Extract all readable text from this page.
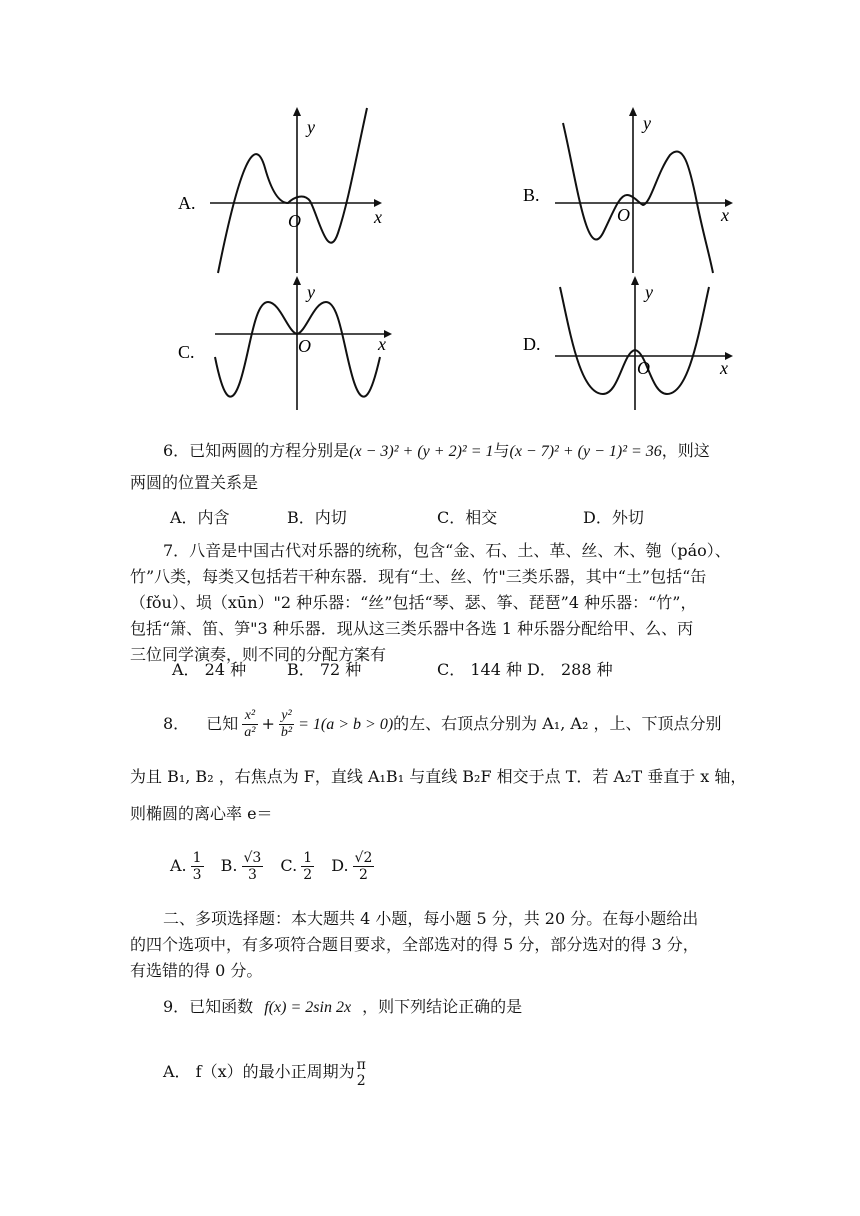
A.
y
x
O
B.
y
x
O
C.
y
x
O	D.
y
x
O
6．已知两圆的方程分别是(x − 3)² + (y + 2)² = 1与(x − 7)² + (y − 1)² = 36，则这
两圆的位置关系是
A．内含	B．内切	C．相交	D．外切
7．八音是中国古代对乐器的统称，包含“金、石、土、革、丝、木、匏（páo）、
竹”八类，每类又包括若干种东器．现有“土、丝、竹"三类乐器，其中“土”包括“缶
（fǒu）、埙（xūn）"2 种乐器：“丝”包括“琴、瑟、筝、琵琶”4 种乐器：“竹”，
包括“箫、笛、笋"3 种乐器．现从这三类乐器中各选 1 种乐器分配给甲、么、丙
三位同学演奏，则不同的分配方案有
A． 24 种	B． 72 种	C． 144 种 D． 288 种
8． 已知 $\frac{\text{x²}}{\text{a²}} + \frac{\text{y²}}{\text{b²}} = 1(a > b > 0)$的左、右顶点分别为 A₁, A₂ ，上、下顶点分别
为且 B₁, B₂ ，右焦点为 F，直线 A₁B₁ 与直线 B₂F 相交于点 T．若 A₂T 垂直于 x 轴，
则椭圆的离心率 e＝
A. $\frac{1}{3} B$. $\frac{√3}{3} C$. $\frac{1}{2} D$. $\frac{√2}{2}$
二、多项选择题：本大题共 4 小题，每小题 5 分，共 20 分。在每小题给出
的四个选项中，有多项符合题目要求，全部选对的得 5 分，部分选对的得 3 分，
有选错的得 0 分。
9．已知函数 f(x) = 2sin 2x ，则下列结论正确的是
A． f（x）的最小正周期为 π
2
